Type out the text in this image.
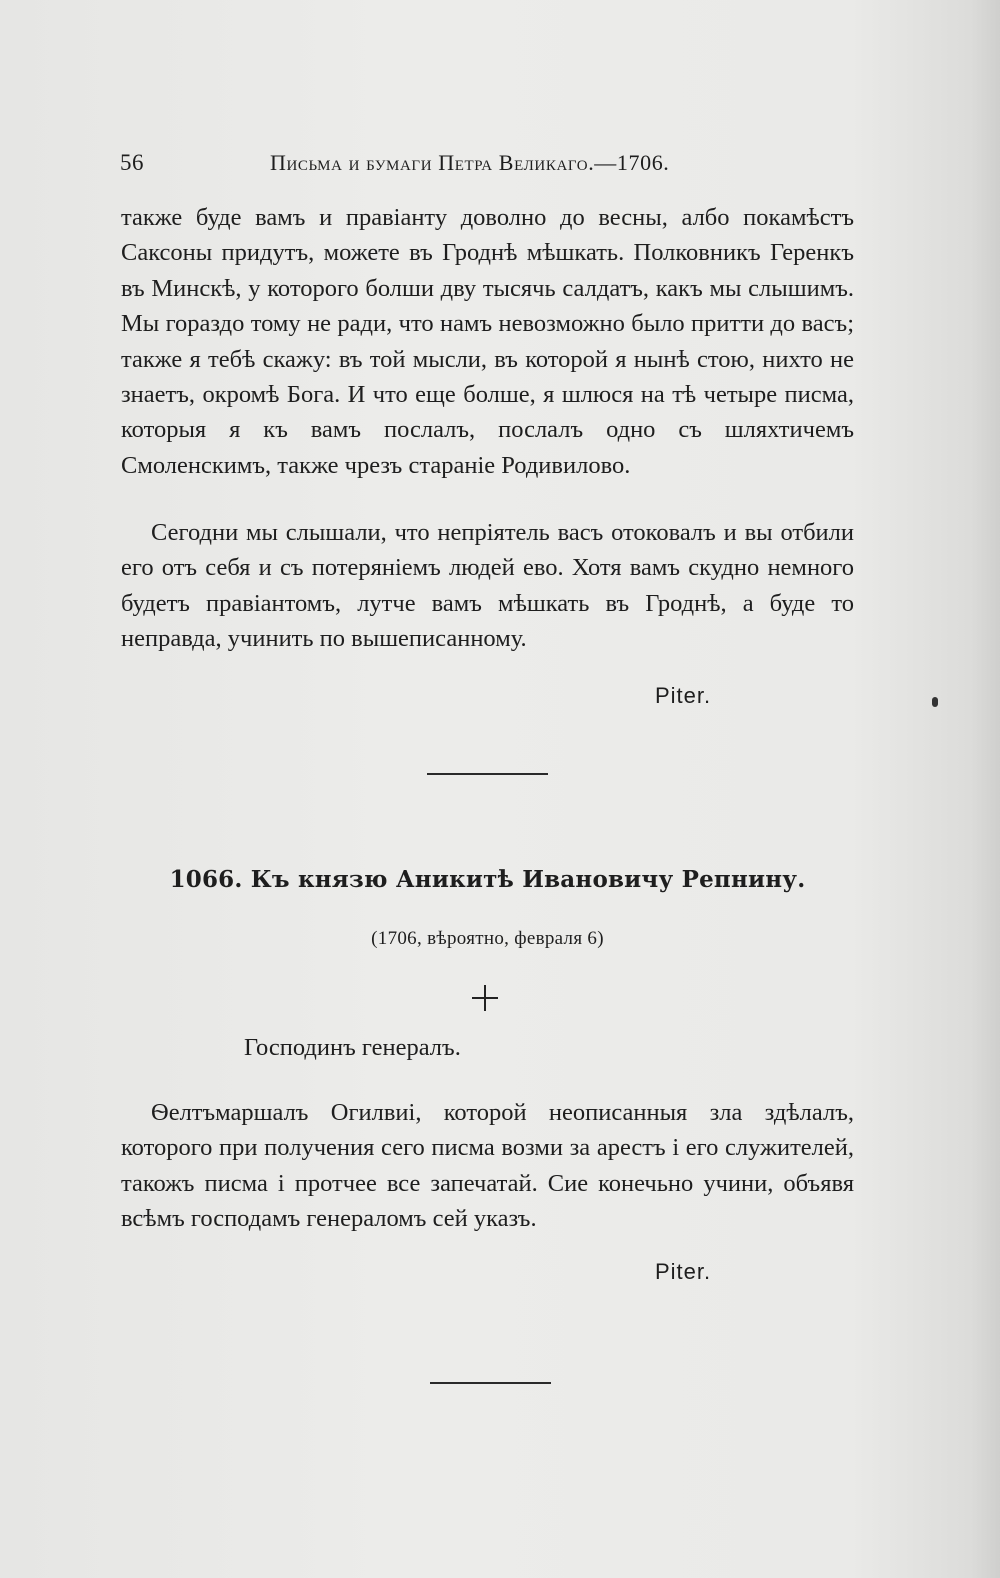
56	Письма и бумаги Петра Великаго.—1706.
также буде вамъ и правіанту доволно до весны, албо покамѣстъ Саксоны придутъ, можете въ Гроднѣ мѣшкать. Полковникъ Геренкъ въ Минскѣ, у которого болши дву тысячь салдатъ, какъ мы слышимъ. Мы гораздо тому не ради, что намъ невозможно было притти до васъ; также я тебѣ скажу: въ той мысли, въ которой я нынѣ стою, нихто не знаетъ, окромѣ Бога. И что еще болше, я шлюся на тѣ четыре писма, которыя я къ вамъ послалъ, послалъ одно съ шляхтичемъ Смоленскимъ, также чрезъ стараніе Родивилово.
Сегодни мы слышали, что непріятель васъ отоковалъ и вы отбили его отъ себя и съ потеряніемъ людей ево. Хотя вамъ скудно немного будетъ правіантомъ, лутче вамъ мѣшкать въ Гроднѣ, а буде то неправда, учинить по вышеписанному.
Piter.
1066. Къ князю Аникитѣ Ивановичу Репнину.
(1706, вѣроятно, февраля 6)
Господинъ генералъ.
Ѳелтъмаршалъ Огилвиі, которой неописанныя зла здѣлалъ, которого при получения сего писма возми за арестъ і его служителей, такожъ писма і протчее все запечатай. Сие конечьно учини, объявя всѣмъ господамъ генераломъ сей указъ.
Piter.
